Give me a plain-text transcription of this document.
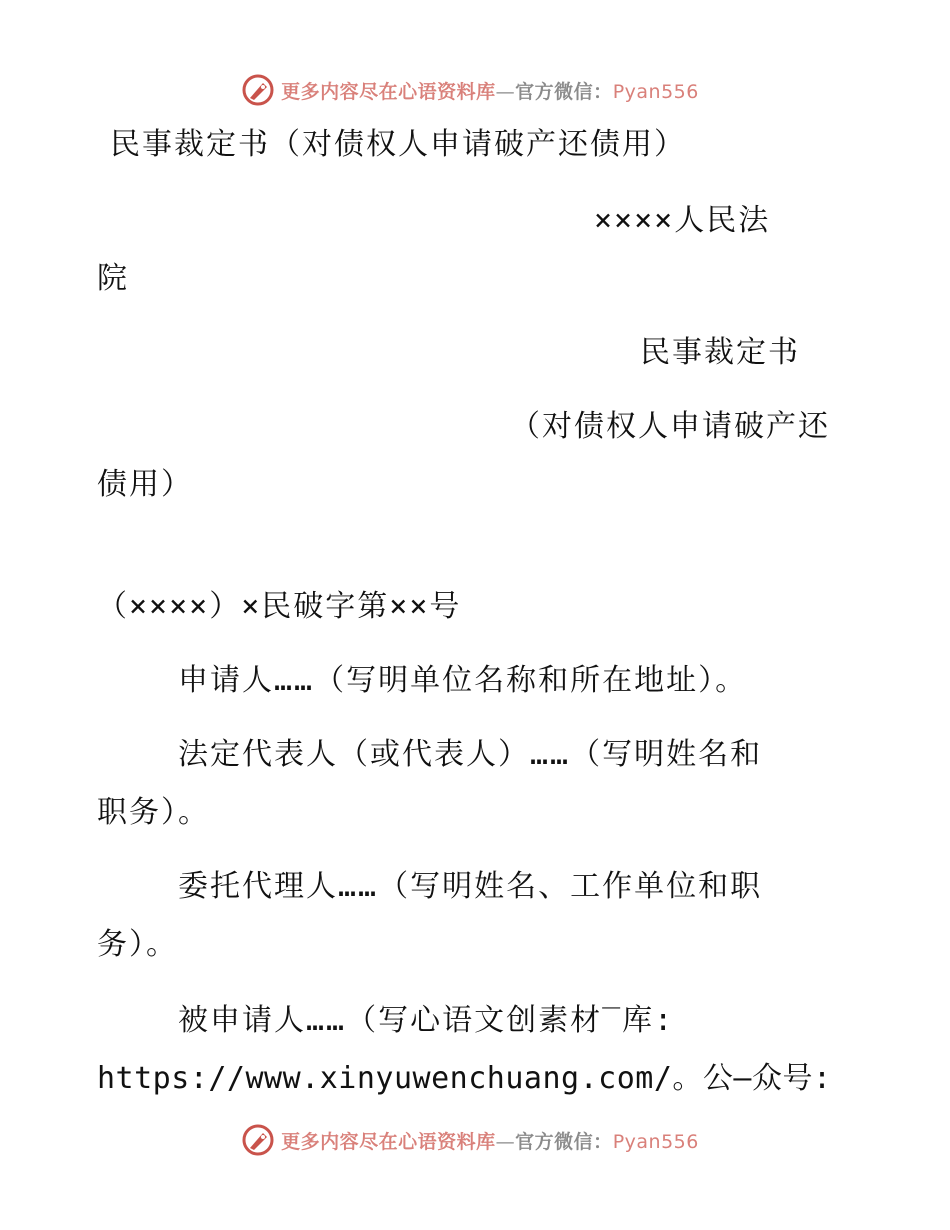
更多内容尽在心语资料库—官方微信：Pyan556
民事裁定书（对债权人申请破产还债用）
××××人民法
院
民事裁定书
（对债权人申请破产还
债用）
（××××）×民破字第××号
申请人……（写明单位名称和所在地址）。
法定代表人（或代表人）……（写明姓名和
职务）。
委托代理人……（写明姓名、工作单位和职
务）。
被申请人……（写心语文创素材‾库:
https://www.xinyuwenchuang.com/。公—众号:
更多内容尽在心语资料库—官方微信：Pyan556
